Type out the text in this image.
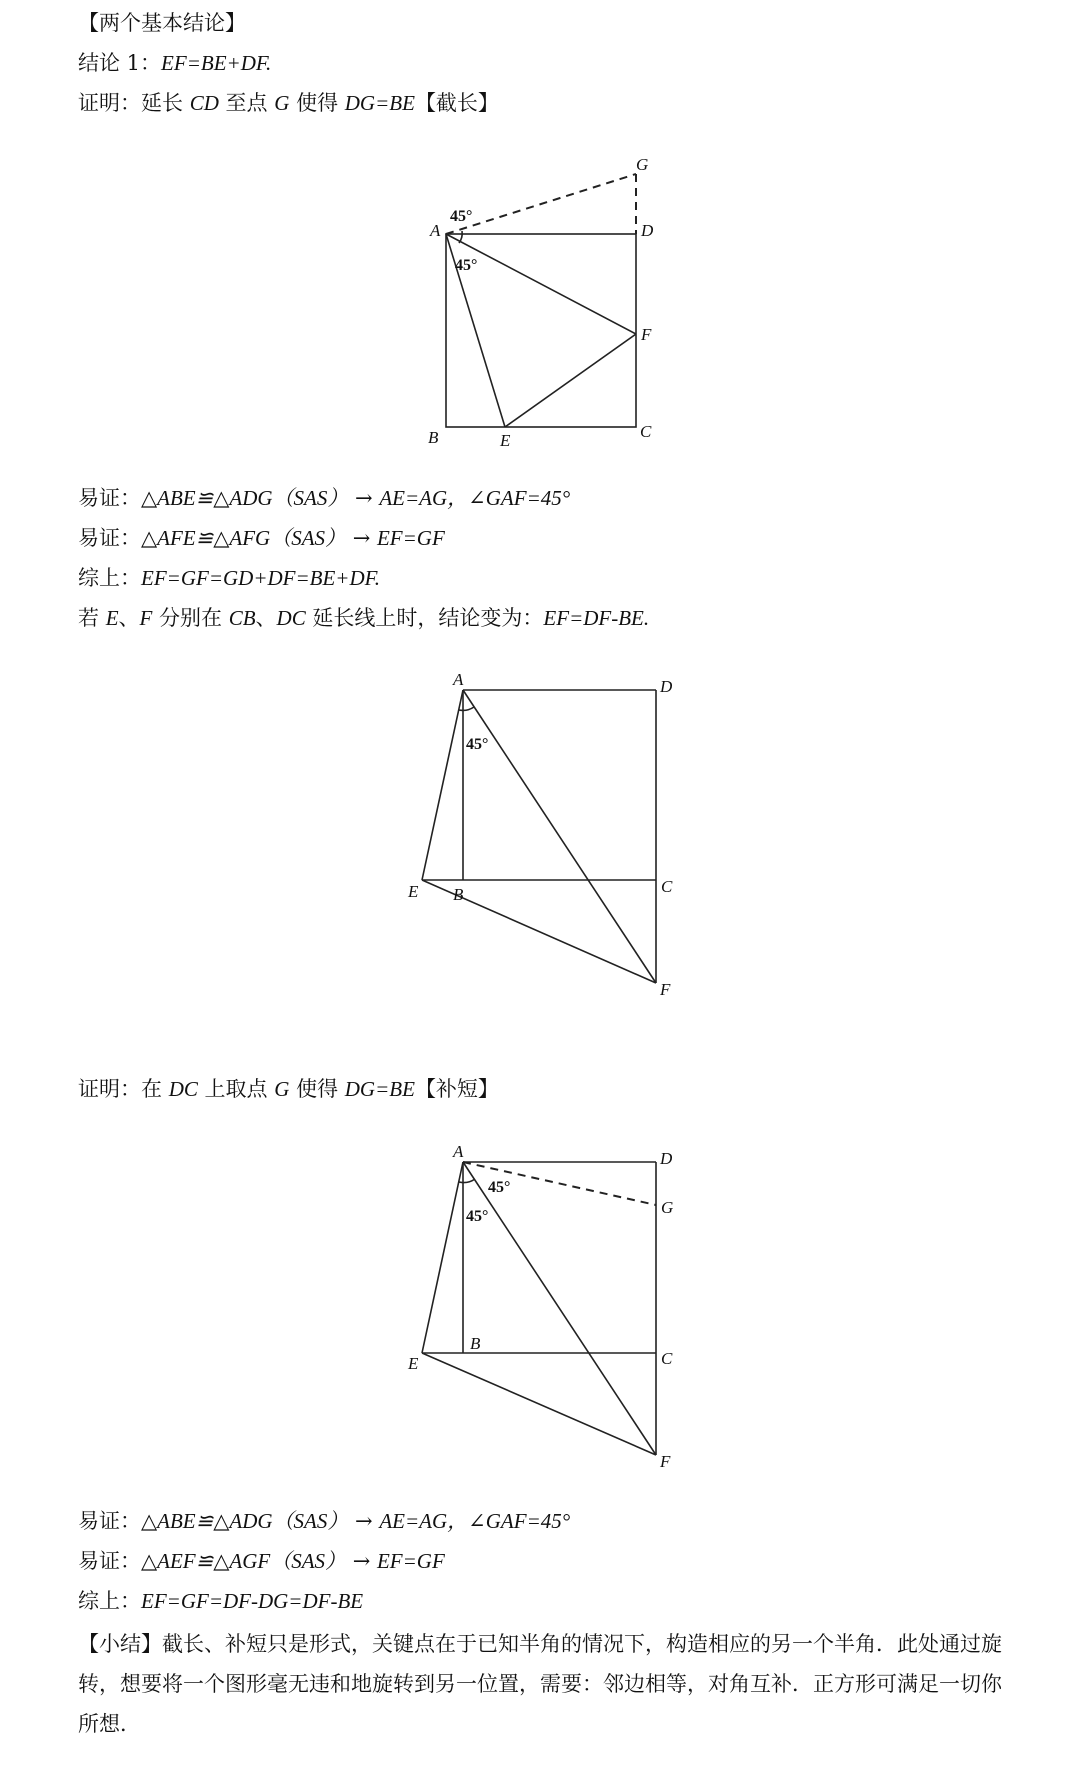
【两个基本结论】
结论 1：EF=BE+DF.
证明：延长 CD 至点 G 使得 DG=BE【截长】
A
B	C
D
E
F
G
45°
45°
易证：△ABE≌△ADG（SAS） → AE=AG，∠GAF=45°
易证：△AFE≌△AFG（SAS） → EF=GF
综上：EF=GF=GD+DF=BE+DF.
若 E、F 分别在 CB、DC 延长线上时，结论变为：EF=DF-BE.
A
B	C
D
E
F
45°
证明：在 DC 上取点 G 使得 DG=BE【补短】
A
B
C
D
E
F
G
45°
45°
易证：△ABE≌△ADG（SAS） → AE=AG，∠GAF=45°
易证：△AEF≌△AGF（SAS） → EF=GF
综上：EF=GF=DF-DG=DF-BE
【小结】截长、补短只是形式，关键点在于已知半角的情况下，构造相应的另一个半角．此处通过旋转，想要将一个图形毫无违和地旋转到另一位置，需要：邻边相等，对角互补．正方形可满足一切你所想．
